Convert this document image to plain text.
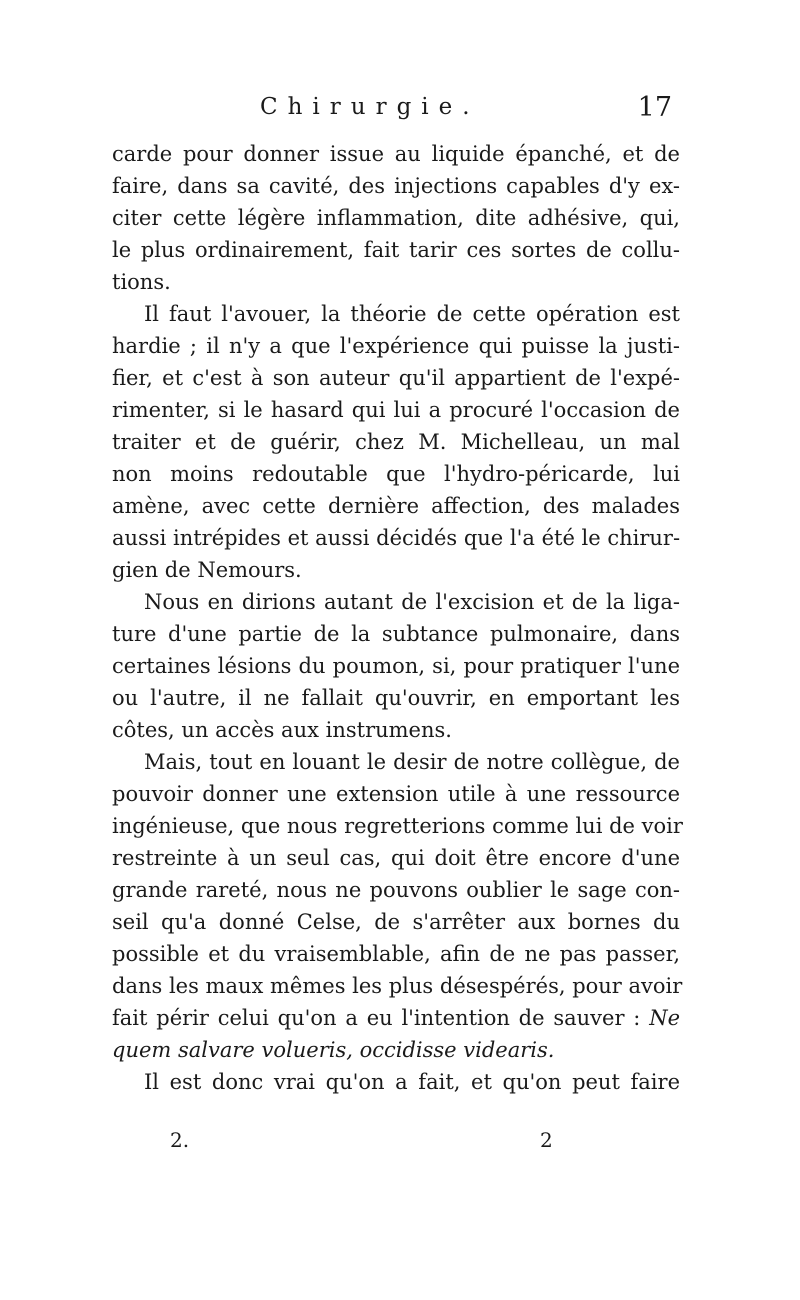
Chirurgie.	17
carde pour donner issue au liquide épanché, et de
faire, dans sa cavité, des injections capables d'y ex-
citer cette légère inflammation, dite adhésive, qui,
le plus ordinairement, fait tarir ces sortes de collu-
tions.
Il faut l'avouer, la théorie de cette opération est
hardie ; il n'y a que l'expérience qui puisse la justi-
fier, et c'est à son auteur qu'il appartient de l'expé-
rimenter, si le hasard qui lui a procuré l'occasion de
traiter et de guérir, chez M. Michelleau, un mal
non moins redoutable que l'hydro-péricarde, lui
amène, avec cette dernière affection, des malades
aussi intrépides et aussi décidés que l'a été le chirur-
gien de Nemours.
Nous en dirions autant de l'excision et de la liga-
ture d'une partie de la subtance pulmonaire, dans
certaines lésions du poumon, si, pour pratiquer l'une
ou l'autre, il ne fallait qu'ouvrir, en emportant les
côtes, un accès aux instrumens.
Mais, tout en louant le desir de notre collègue, de
pouvoir donner une extension utile à une ressource
ingénieuse, que nous regretterions comme lui de voir
restreinte à un seul cas, qui doit être encore d'une
grande rareté, nous ne pouvons oublier le sage con-
seil qu'a donné Celse, de s'arrêter aux bornes du
possible et du vraisemblable, afin de ne pas passer,
dans les maux mêmes les plus désespérés, pour avoir
fait périr celui qu'on a eu l'intention de sauver : Ne
quem salvare volueris, occidisse videaris.
Il est donc vrai qu'on a fait, et qu'on peut faire
2.	2
